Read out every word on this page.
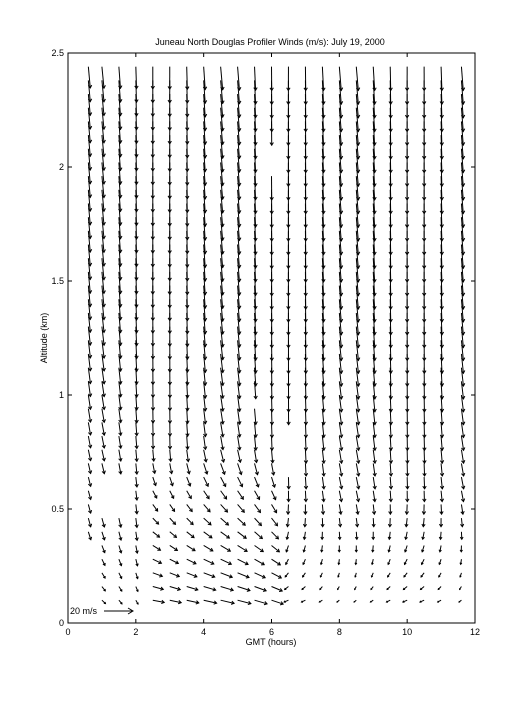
Juneau North Douglas Profiler Winds (m/s): July 19, 2000
0	2	4	6	8	10	12
0
0.5
1
1.5
2
2.5
GMT (hours)
Altitude (km)
20 m/s
